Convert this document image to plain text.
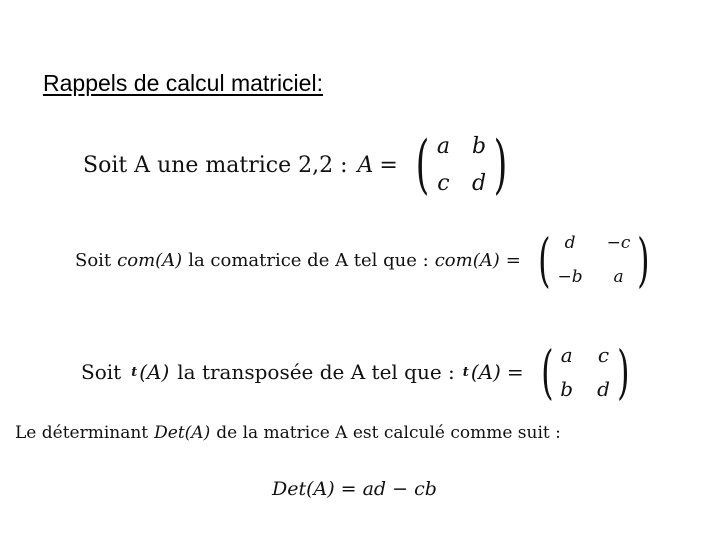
Rappels de calcul matriciel:
Soit A une matrice 2,2 : A = ( a b
c d )
Soit com(A) la comatrice de A tel que : com(A) = ( d	−c
−b	a )
Soit t (A) la transposée de A tel que : t (A) = ( a c
b d )
Le déterminant Det(A) de la matrice A est calculé comme suit :
Det(A) = ad − cb
